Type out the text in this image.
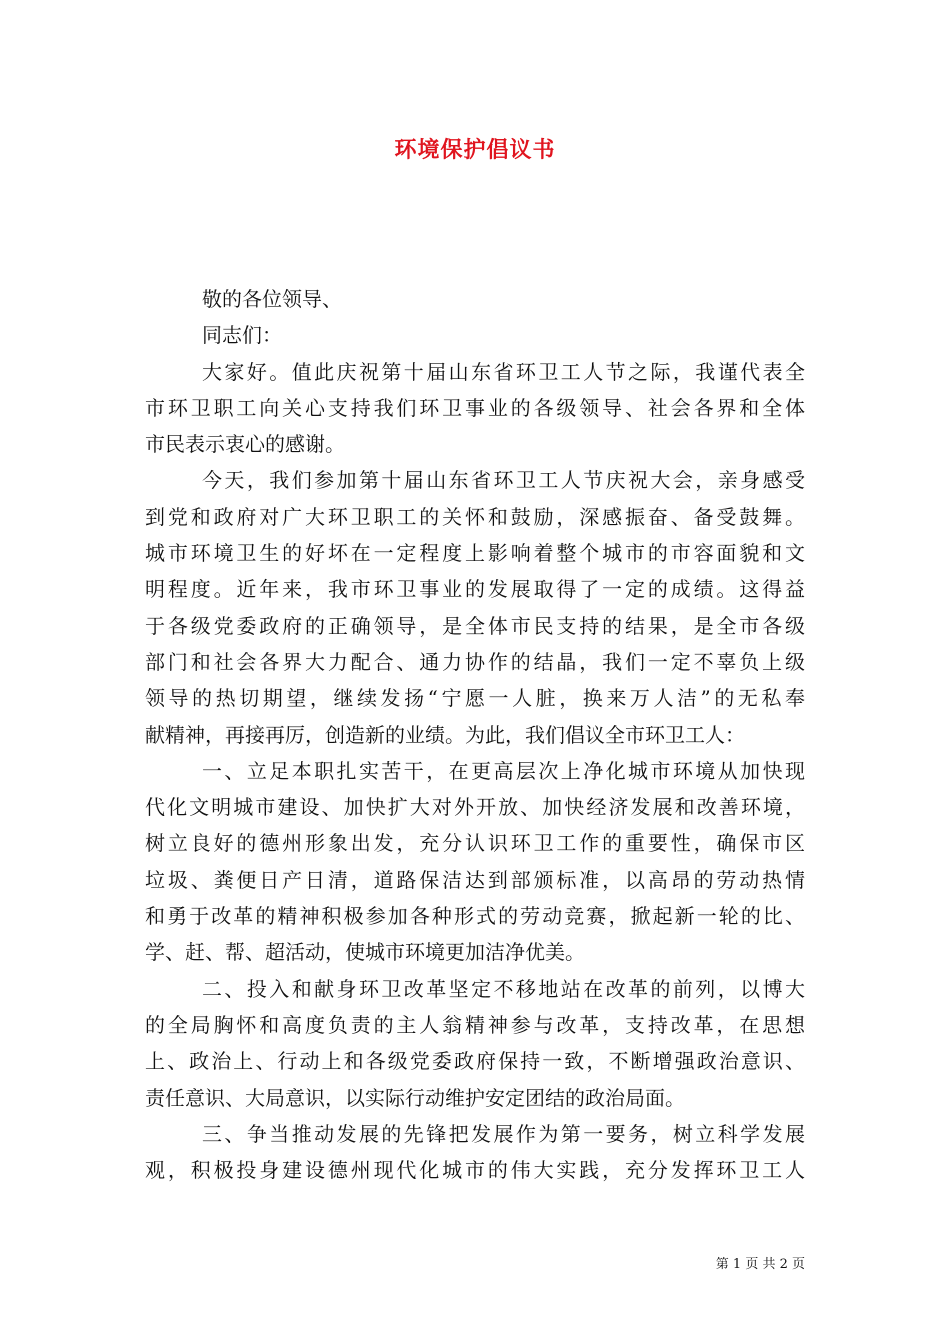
环境保护倡议书

敬的各位领导、

同志们：

大家好。值此庆祝第十届山东省环卫工人节之际，我谨代表全
市环卫职工向关心支持我们环卫事业的各级领导、社会各界和全体
市民表示衷心的感谢。

今天，我们参加第十届山东省环卫工人节庆祝大会，亲身感受
到党和政府对广大环卫职工的关怀和鼓励，深感振奋、备受鼓舞。
城市环境卫生的好坏在一定程度上影响着整个城市的市容面貌和文
明程度。近年来，我市环卫事业的发展取得了一定的成绩。这得益
于各级党委政府的正确领导，是全体市民支持的结果，是全市各级
部门和社会各界大力配合、通力协作的结晶，我们一定不辜负上级
领导的热切期望，继续发扬“宁愿一人脏，换来万人洁”的无私奉
献精神，再接再厉，创造新的业绩。为此，我们倡议全市环卫工人：

一、立足本职扎实苦干，在更高层次上净化城市环境从加快现
代化文明城市建设、加快扩大对外开放、加快经济发展和改善环境，
树立良好的德州形象出发，充分认识环卫工作的重要性，确保市区
垃圾、粪便日产日清，道路保洁达到部颁标准，以高昂的劳动热情
和勇于改革的精神积极参加各种形式的劳动竞赛，掀起新一轮的比、
学、赶、帮、超活动，使城市环境更加洁净优美。

二、投入和献身环卫改革坚定不移地站在改革的前列，以博大
的全局胸怀和高度负责的主人翁精神参与改革，支持改革，在思想
上、政治上、行动上和各级党委政府保持一致，不断增强政治意识、
责任意识、大局意识，以实际行动维护安定团结的政治局面。

三、争当推动发展的先锋把发展作为第一要务，树立科学发展
观，积极投身建设德州现代化城市的伟大实践，充分发挥环卫工人

第 1 页 共 2 页
